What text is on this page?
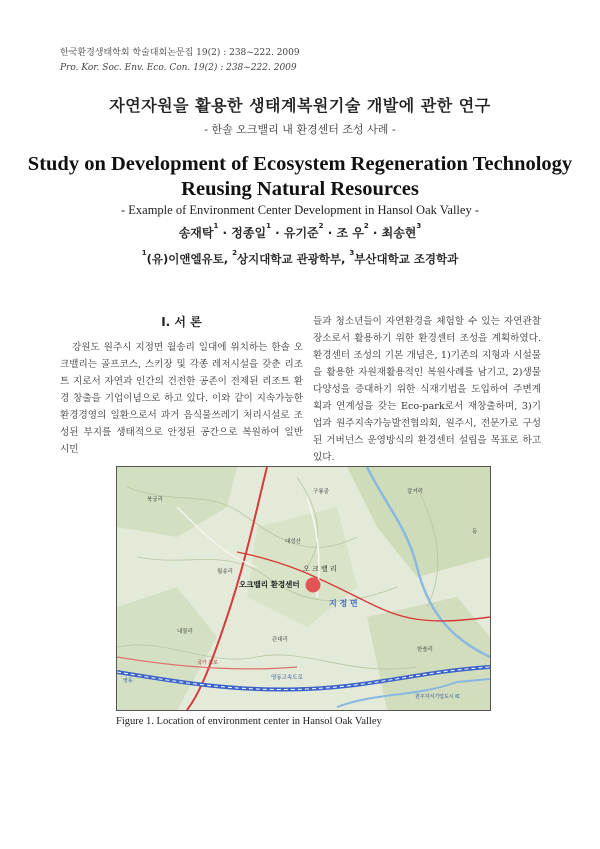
한국환경생태학회 학술대회논문집 19(2) : 238~222. 2009
Pro. Kor. Soc. Env. Eco. Con. 19(2) : 238~222. 2009
자연자원을 활용한 생태계복원기술 개발에 관한 연구
- 한솔 오크밸리 내 환경센터 조성 사례 -
Study on Development of Ecosystem Regeneration Technology
Reusing Natural Resources
- Example of Environment Center Development in Hansol Oak Valley -
송재탁$^1$ · 정종일$^1$ · 유기준$^2$ · 조 우$^2$ · 최송현$^3$
$^1$(유)이앤엘유토, $^2$상지대학교 관광학부, $^3$부산대학교 조경학과
Ⅰ. 서 론
강원도 원주시 지정면 월송리 일대에 위치하는 한솔 오크밸리는 골프코스, 스키장 및 각종 레저시설을 갖춘 리조트 지로서 자연과 인간의 건전한 공존이 전제된 리조트 환경 창출을 기업이념으로 하고 있다. 이와 같이 지속가능한 환경경영의 일환으로서 과거 음식물쓰레기 처리시설로 조성된 부지를 생태적으로 안정된 공간으로 복원하여 일반 시민
들과 청소년들이 자연환경을 체험할 수 있는 자연관찰장소로서 활용하기 위한 환경센터 조성을 계획하였다. 환경센터 조성의 기본 개념은, 1)기존의 지형과 시설물을 활용한 자원재활용적인 복원사례를 남기고, 2)생물다양성을 증대하기 위한 식재기법을 도입하여 주변계획과 연계성을 갖는 Eco-park로서 재창출하며, 3)기업과 원주지속가능발전협의회, 원주시, 전문가로 구성된 거버넌스 운영방식의 환경센터 설립을 목표로 하고 있다.
오크밸리 환경센터
오 크 밸 리
지 정 면
구룡골
대성산
관대리
월송리
갈거리
북궁리
내물리
영동고속도로
한솔리
원주지식기업도시 IC
국가 도로
영동
동
Figure 1. Location of environment center in Hansol Oak Valley
